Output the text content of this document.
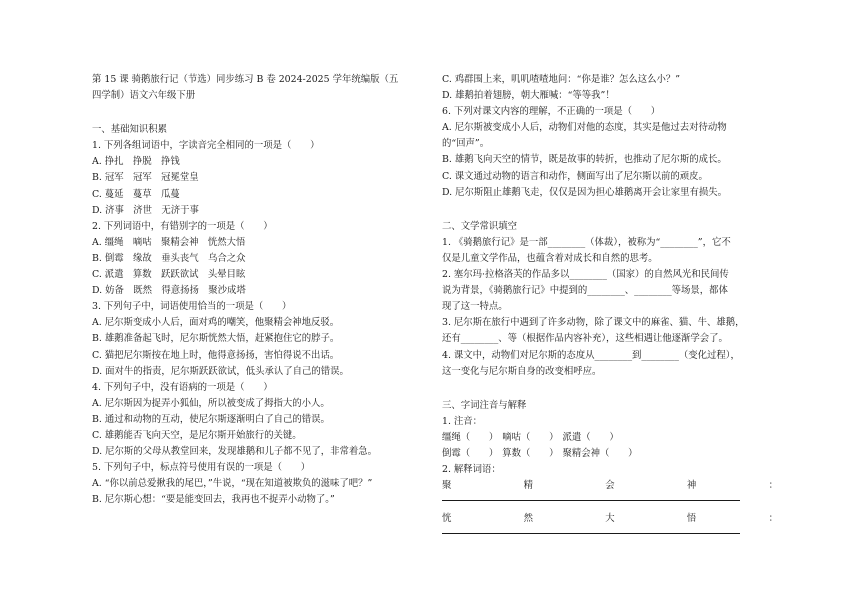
第 15 课 骑鹅旅行记（节选）同步练习 B 卷 2024-2025 学年统编版（五
四学制）语文六年级下册
一、基础知识积累
1. 下列各组词语中，字读音完全相同的一项是（　　）
A. 挣扎　挣脱　挣钱
B. 冠军　冠军　冠冕堂皇
C. 蔓延　蔓草　瓜蔓
D. 济事　济世　无济于事
2. 下列词语中，有错别字的一项是（　　）
A. 缰绳　嘀咕　聚精会神　恍然大悟
B. 倒霉　缘故　垂头丧气　乌合之众
C. 派遣　算数　跃跃欲试　头晕目眩
D. 妨备　既然　得意扬扬　聚沙成塔
3. 下列句子中，词语使用恰当的一项是（　　）
A. 尼尔斯变成小人后，面对鸡的嘲笑，他聚精会神地反驳。
B. 雄鹅准备起飞时，尼尔斯恍然大悟，赶紧抱住它的脖子。
C. 猫把尼尔斯按在地上时，他得意扬扬，害怕得说不出话。
D. 面对牛的指责，尼尔斯跃跃欲试，低头承认了自己的错误。
4. 下列句子中，没有语病的一项是（　　）
A. 尼尔斯因为捉弄小狐仙，所以被变成了拇指大的小人。
B. 通过和动物的互动，使尼尔斯逐渐明白了自己的错误。
C. 雄鹅能否飞向天空，是尼尔斯开始旅行的关键。
D. 尼尔斯的父母从教堂回来，发现雄鹅和儿子都不见了，非常着急。
5. 下列句子中，标点符号使用有误的一项是（　　）
A. “你以前总爱揪我的尾巴，”牛说，“现在知道被欺负的滋味了吧？”
B. 尼尔斯心想：“要是能变回去，我再也不捉弄小动物了。”
C. 鸡群围上来，叽叽喳喳地问：“你是谁？怎么这么小？”
D. 雄鹅拍着翅膀，朝大雁喊：“等等我”！
6. 下列对课文内容的理解，不正确的一项是（　　）
A. 尼尔斯被变成小人后，动物们对他的态度，其实是他过去对待动物
的“回声”。
B. 雄鹅飞向天空的情节，既是故事的转折，也推动了尼尔斯的成长。
C. 课文通过动物的语言和动作，侧面写出了尼尔斯以前的顽皮。
D. 尼尔斯阻止雄鹅飞走，仅仅是因为担心雄鹅离开会让家里有损失。
二、文学常识填空
1. 《骑鹅旅行记》是一部________（体裁），被称为“________”，它不
仅是儿童文学作品，也蕴含着对成长和自然的思考。
2. 塞尔玛·拉格洛芙的作品多以________（国家）的自然风光和民间传
说为背景，《骑鹅旅行记》中提到的________、________等场景，都体
现了这一特点。
3. 尼尔斯在旅行中遇到了许多动物，除了课文中的麻雀、猫、牛、雄鹅，
还有________、等（根据作品内容补充），这些相遇让他逐渐学会了。
4. 课文中，动物们对尼尔斯的态度从________到________（变化过程），
这一变化与尼尔斯自身的改变相呼应。
三、字词注音与解释
1. 注音：
缰绳（　　） 嘀咕（　　） 派遣（　　）
倒霉（　　） 算数（　　） 聚精会神（　　）
2. 解释词语：
聚	精	会	神	：
恍	然	大	悟	：
